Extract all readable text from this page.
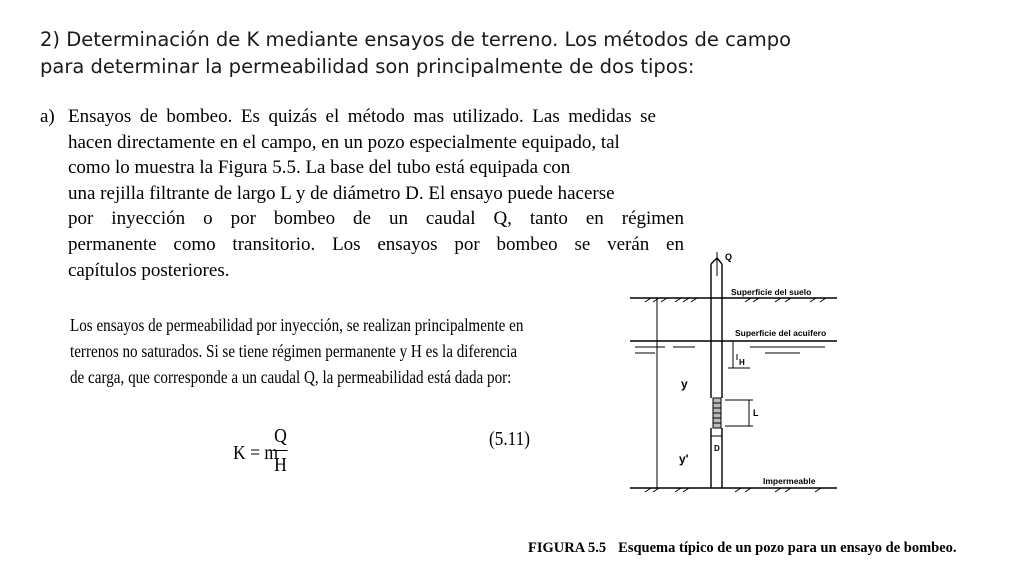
2) Determinación de K mediante ensayos de terreno. Los métodos de campo
para determinar la permeabilidad son principalmente de dos tipos:
a) Ensayos de bombeo. Es quizás el método mas utilizado. Las medidas se
hacen directamente en el campo, en un pozo especialmente equipado, tal
como lo muestra la Figura 5.5. La base del tubo está equipada con
una rejilla filtrante de largo L y de diámetro D. El ensayo puede hacerse
por inyección o por bombeo de un caudal Q, tanto en régimen
permanente como transitorio. Los ensayos por bombeo se verán en
capítulos posteriores.
Los ensayos de permeabilidad por inyección, se realizan principalmente en
terrenos no saturados. Si se tiene régimen permanente y H es la diferencia
de carga, que corresponde a un caudal Q, la permeabilidad está dada por:
K = m
Q
H
(5.11)
Q
H
L
D
y
y'
Superficie del suelo
Superficie del acuifero
Impermeable
FIGURA 5.5 Esquema típico de un pozo para un ensayo de bombeo.
